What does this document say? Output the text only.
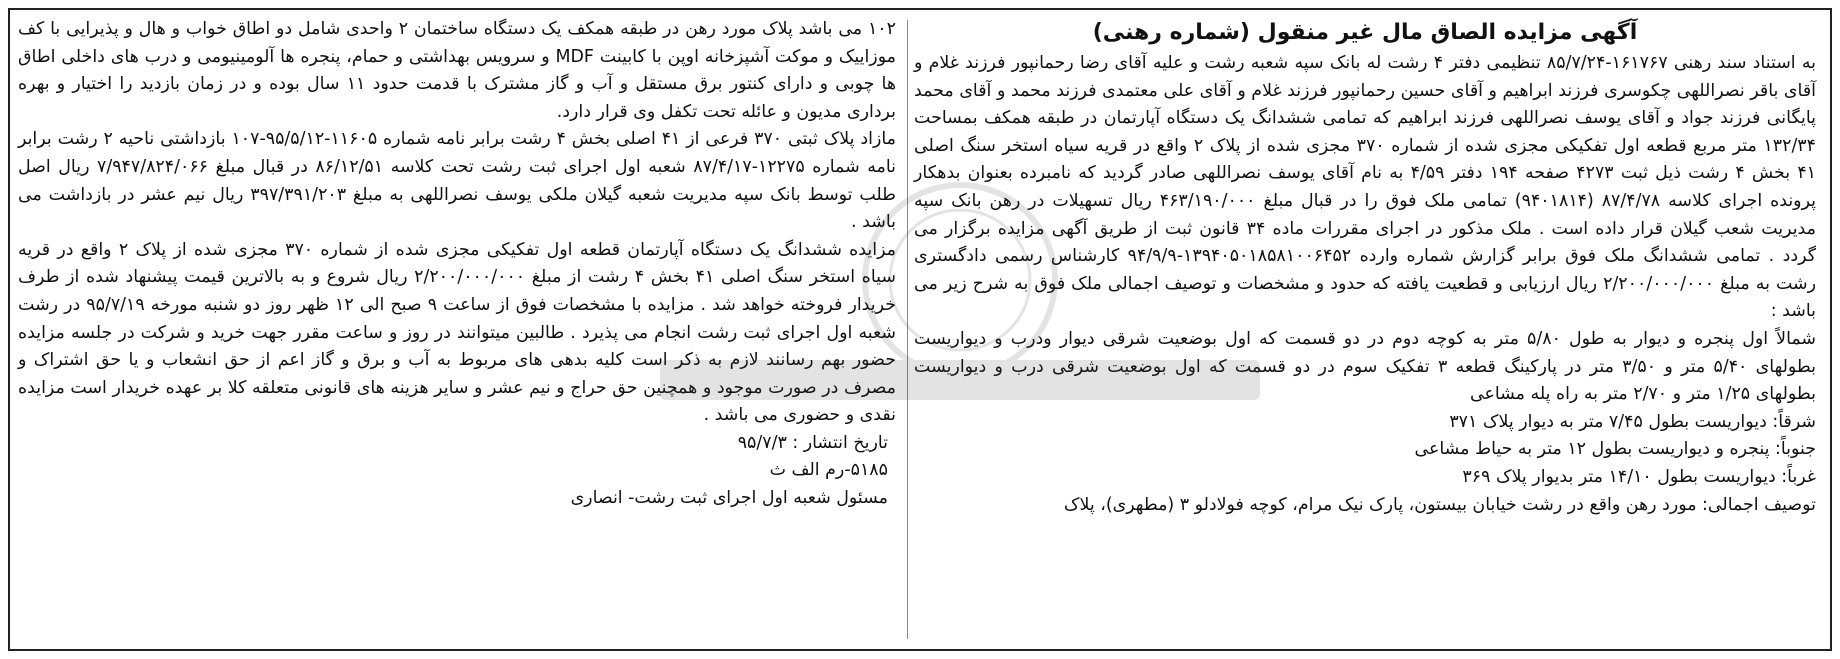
آگهی مزایده الصاق مال غیر منقول (شماره رهنی)

به استناد سند رهنی ۱۶۱۷۶۷-۸۵/۷/۲۴ تنظیمی دفتر ۴ رشت له بانک سپه شعبه رشت و علیه آقای رضا رحمانپور فرزند غلام و آقای باقر نصراللهی چکوسری فرزند ابراهیم و آقای حسین رحمانپور فرزند غلام و آقای علی معتمدی فرزند محمد و آقای محمد پایگانی فرزند جواد و آقای یوسف نصراللهی فرزند ابراهیم که تمامی ششدانگ یک دستگاه آپارتمان در طبقه همکف بمساحت ۱۳۲/۳۴ متر مربع قطعه اول تفکیکی مجزی شده از شماره ۳۷۰ مجزی شده از پلاک ۲ واقع در قریه سیاه استخر سنگ اصلی ۴۱ بخش ۴ رشت ذیل ثبت ۴۲۷۳ صفحه ۱۹۴ دفتر ۴/۵۹ به نام آقای یوسف نصراللهی صادر گردید که نامبرده بعنوان بدهکار پرونده اجرای کلاسه ۸۷/۴/۷۸ (۹۴۰۱۸۱۴) تمامی ملک فوق را در قبال مبلغ ۴۶۳/۱۹۰/۰۰۰ ریال تسهیلات در رهن بانک سپه مدیریت شعب گیلان قرار داده است . ملک مذکور در اجرای مقررات ماده ۳۴ قانون ثبت از طریق آگهی مزایده برگزار می گردد . تمامی ششدانگ ملک فوق برابر گزارش شماره وارده ۱۳۹۴۰۵۰۱۸۵۸۱۰۰۶۴۵۲-۹۴/۹/۹ کارشناس رسمی دادگستری رشت به مبلغ ۲/۲۰۰/۰۰۰/۰۰۰ ریال ارزیابی و قطعیت یافته که حدود و مشخصات و توصیف اجمالی ملک فوق به شرح زیر می باشد :

شمالاً اول پنجره و دیوار به طول ۵/۸۰ متر به کوچه دوم در دو قسمت که اول بوضعیت شرقی دیوار ودرب و دیواریست بطولهای ۵/۴۰ متر و ۳/۵۰ متر در پارکینگ قطعه ۳ تفکیک سوم در دو قسمت که اول بوضعیت شرقی درب و دیواریست بطولهای ۱/۲۵ متر و ۲/۷۰ متر به راه پله مشاعی

شرقاً: دیواریست بطول ۷/۴۵ متر به دیوار پلاک ۳۷۱
جنوباً: پنجره و دیواریست بطول ۱۲ متر به حیاط مشاعی
غرباً: دیواریست بطول ۱۴/۱۰ متر بدیوار پلاک ۳۶۹
توصیف اجمالی: مورد رهن واقع در رشت خیابان بیستون، پارک نیک مرام، کوچه فولادلو ۳ (مطهری)، پلاک

۱۰۲ می باشد پلاک مورد رهن در طبقه همکف یک دستگاه ساختمان ۲ واحدی شامل دو اطاق خواب و هال و پذیرایی با کف موزاییک و موکت آشپزخانه اوپن با کابینت MDF و سرویس بهداشتی و حمام، پنجره ها آلومینیومی و درب های داخلی اطاق ها چوبی و دارای کنتور برق مستقل و آب و گاز مشترک با قدمت حدود ۱۱ سال بوده و در زمان بازدید را اختیار و بهره برداری مدیون و عائله تحت تکفل وی قرار دارد.

مازاد پلاک ثبتی ۳۷۰ فرعی از ۴۱ اصلی بخش ۴ رشت برابر نامه شماره ۱۱۶۰۵-۹۵/۵/۱۲-۱۰۷ بازداشتی ناحیه ۲ رشت برابر نامه شماره ۱۲۲۷۵-۸۷/۴/۱۷ شعبه اول اجرای ثبت رشت تحت کلاسه ۸۶/۱۲/۵۱ در قبال مبلغ ۷/۹۴۷/۸۲۴/۰۶۶ ریال اصل طلب توسط بانک سپه مدیریت شعبه گیلان ملکی یوسف نصراللهی به مبلغ ۳۹۷/۳۹۱/۲۰۳ ریال نیم عشر در بازداشت می باشد .

مزایده ششدانگ یک دستگاه آپارتمان قطعه اول تفکیکی مجزی شده از شماره ۳۷۰ مجزی شده از پلاک ۲ واقع در قریه سیاه استخر سنگ اصلی ۴۱ بخش ۴ رشت از مبلغ ۲/۲۰۰/۰۰۰/۰۰۰ ریال شروع و به بالاترین قیمت پیشنهاد شده از طرف خریدار فروخته خواهد شد . مزایده با مشخصات فوق از ساعت ۹ صبح الی ۱۲ ظهر روز دو شنبه مورخه ۹۵/۷/۱۹ در رشت شعبه اول اجرای ثبت رشت انجام می پذیرد . طالبین میتوانند در روز و ساعت مقرر جهت خرید و شرکت در جلسه مزایده حضور بهم رسانند لازم به ذکر است کلیه بدهی های مربوط به آب و برق و گاز اعم از حق انشعاب و یا حق اشتراک و مصرف در صورت موجود و همچنین حق حراج و نیم عشر و سایر هزینه های قانونی متعلقه کلا بر عهده خریدار است مزایده نقدی و حضوری می باشد .

تاریخ انتشار : ۹۵/۷/۳
۵۱۸۵-رم الف ث
مسئول شعبه اول اجرای ثبت رشت- انصاری
